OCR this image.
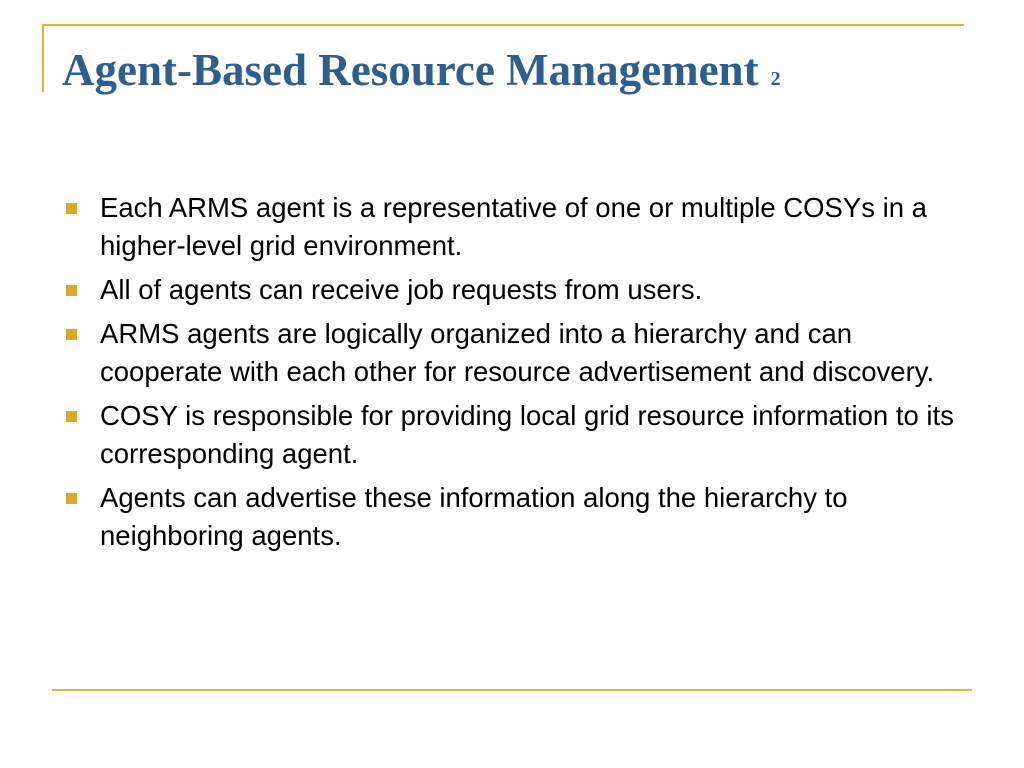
Agent-Based Resource Management 2
Each ARMS agent is a representative of one or multiple COSYs in a higher-level grid environment.
All of agents can receive job requests from users.
ARMS agents are logically organized into a hierarchy and can cooperate with each other for resource advertisement and discovery.
COSY is responsible for providing local grid resource information to its corresponding agent.
Agents can advertise these information along the hierarchy to neighboring agents.
